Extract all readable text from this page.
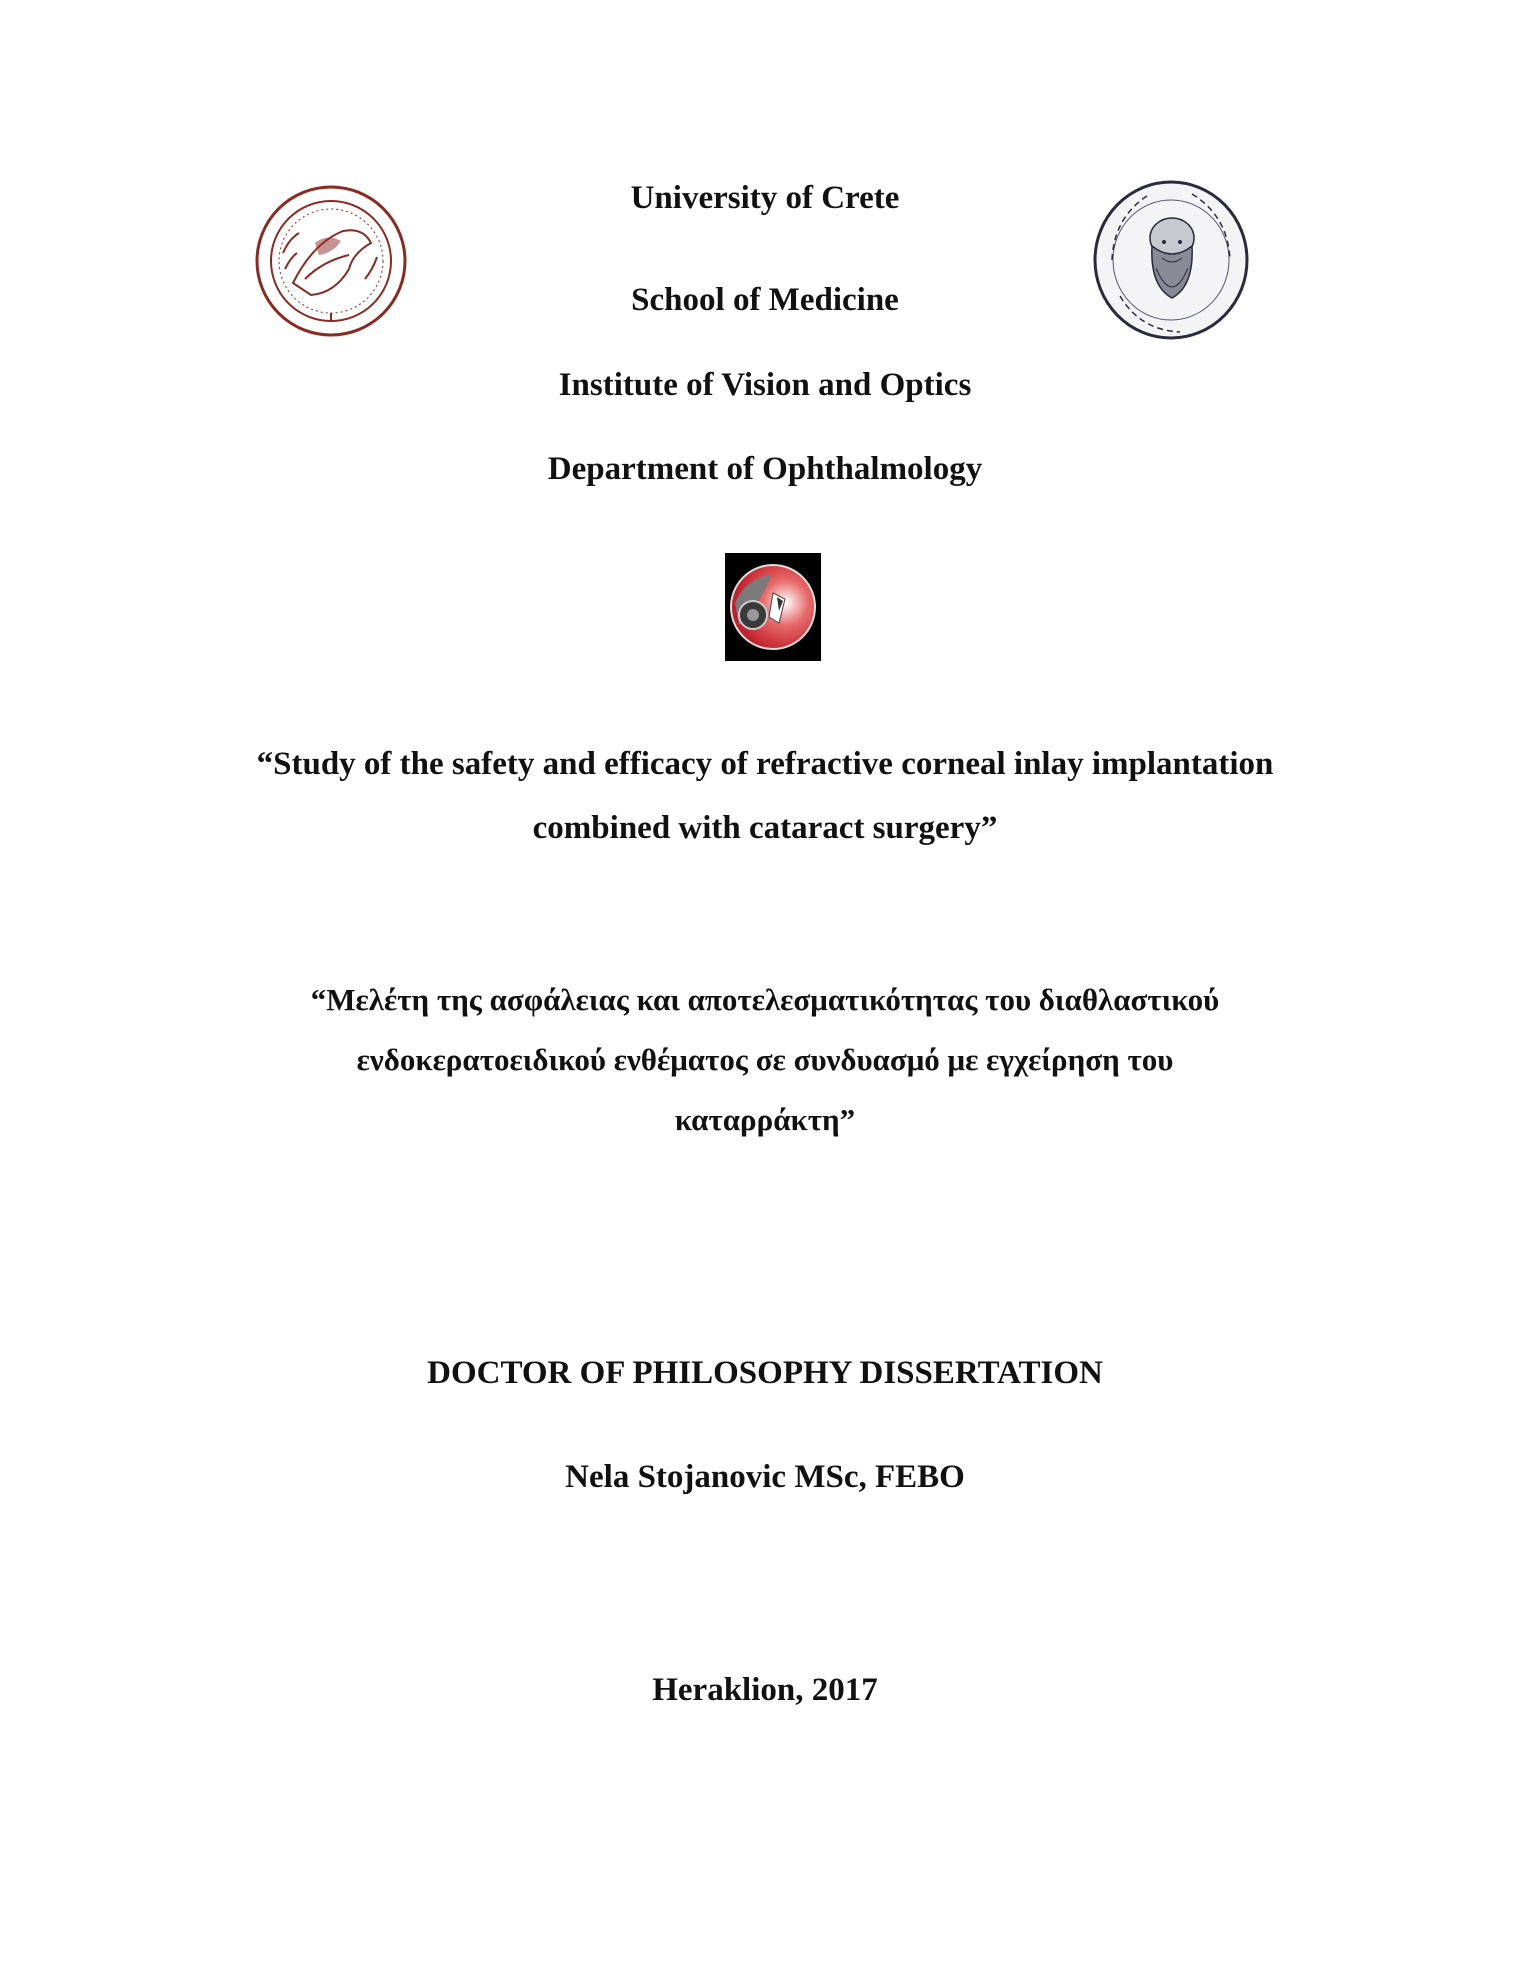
University of Crete
School of Medicine
Institute of Vision and Optics
Department of Ophthalmology
“Study of the safety and efficacy of refractive corneal inlay implantation
combined with cataract surgery”
“Μελέτη της ασφάλειας και αποτελεσματικότητας του διαθλαστικού
ενδοκερατοειδικού ενθέματος σε συνδυασμό με εγχείρηση του
καταρράκτη”
DOCTOR OF PHILOSOPHY DISSERTATION
Nela Stojanovic MSc, FEBO
Heraklion, 2017
